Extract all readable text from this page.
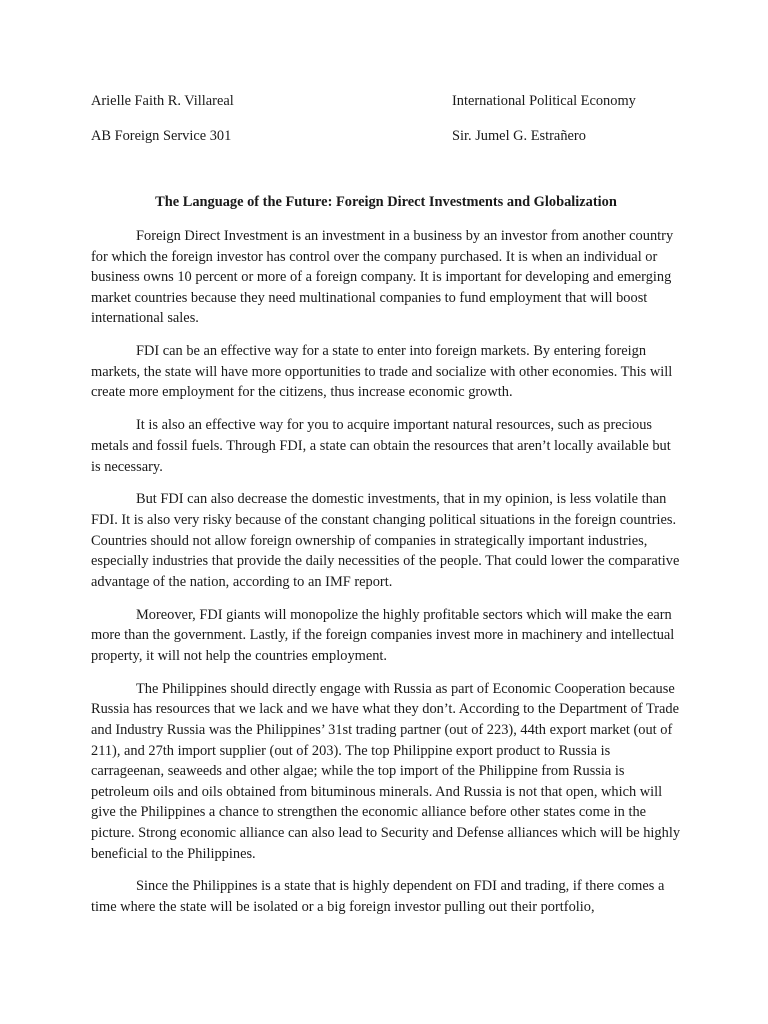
Arielle Faith R. Villareal	International Political Economy
AB Foreign Service 301	Sir. Jumel G. Estrañero
The Language of the Future: Foreign Direct Investments and Globalization

Foreign Direct Investment is an investment in a business by an investor from another country for which the foreign investor has control over the company purchased. It is when an individual or business owns 10 percent or more of a foreign company. It is important for developing and emerging market countries because they need multinational companies to fund employment that will boost international sales.

FDI can be an effective way for a state to enter into foreign markets. By entering foreign markets, the state will have more opportunities to trade and socialize with other economies. This will create more employment for the citizens, thus increase economic growth.

It is also an effective way for you to acquire important natural resources, such as precious metals and fossil fuels. Through FDI, a state can obtain the resources that aren’t locally available but is necessary.

But FDI can also decrease the domestic investments, that in my opinion, is less volatile than FDI. It is also very risky because of the constant changing political situations in the foreign countries. Countries should not allow foreign ownership of companies in strategically important industries, especially industries that provide the daily necessities of the people. That could lower the comparative advantage of the nation, according to an IMF report.

Moreover, FDI giants will monopolize the highly profitable sectors which will make the earn more than the government. Lastly, if the foreign companies invest more in machinery and intellectual property, it will not help the countries employment.

The Philippines should directly engage with Russia as part of Economic Cooperation because Russia has resources that we lack and we have what they don’t. According to the Department of Trade and Industry Russia was the Philippines’ 31st trading partner (out of 223), 44th export market (out of 211), and 27th import supplier (out of 203). The top Philippine export product to Russia is carrageenan, seaweeds and other algae; while the top import of the Philippine from Russia is petroleum oils and oils obtained from bituminous minerals. And Russia is not that open, which will give the Philippines a chance to strengthen the economic alliance before other states come in the picture. Strong economic alliance can also lead to Security and Defense alliances which will be highly beneficial to the Philippines.

Since the Philippines is a state that is highly dependent on FDI and trading, if there comes a time where the state will be isolated or a big foreign investor pulling out their portfolio,
